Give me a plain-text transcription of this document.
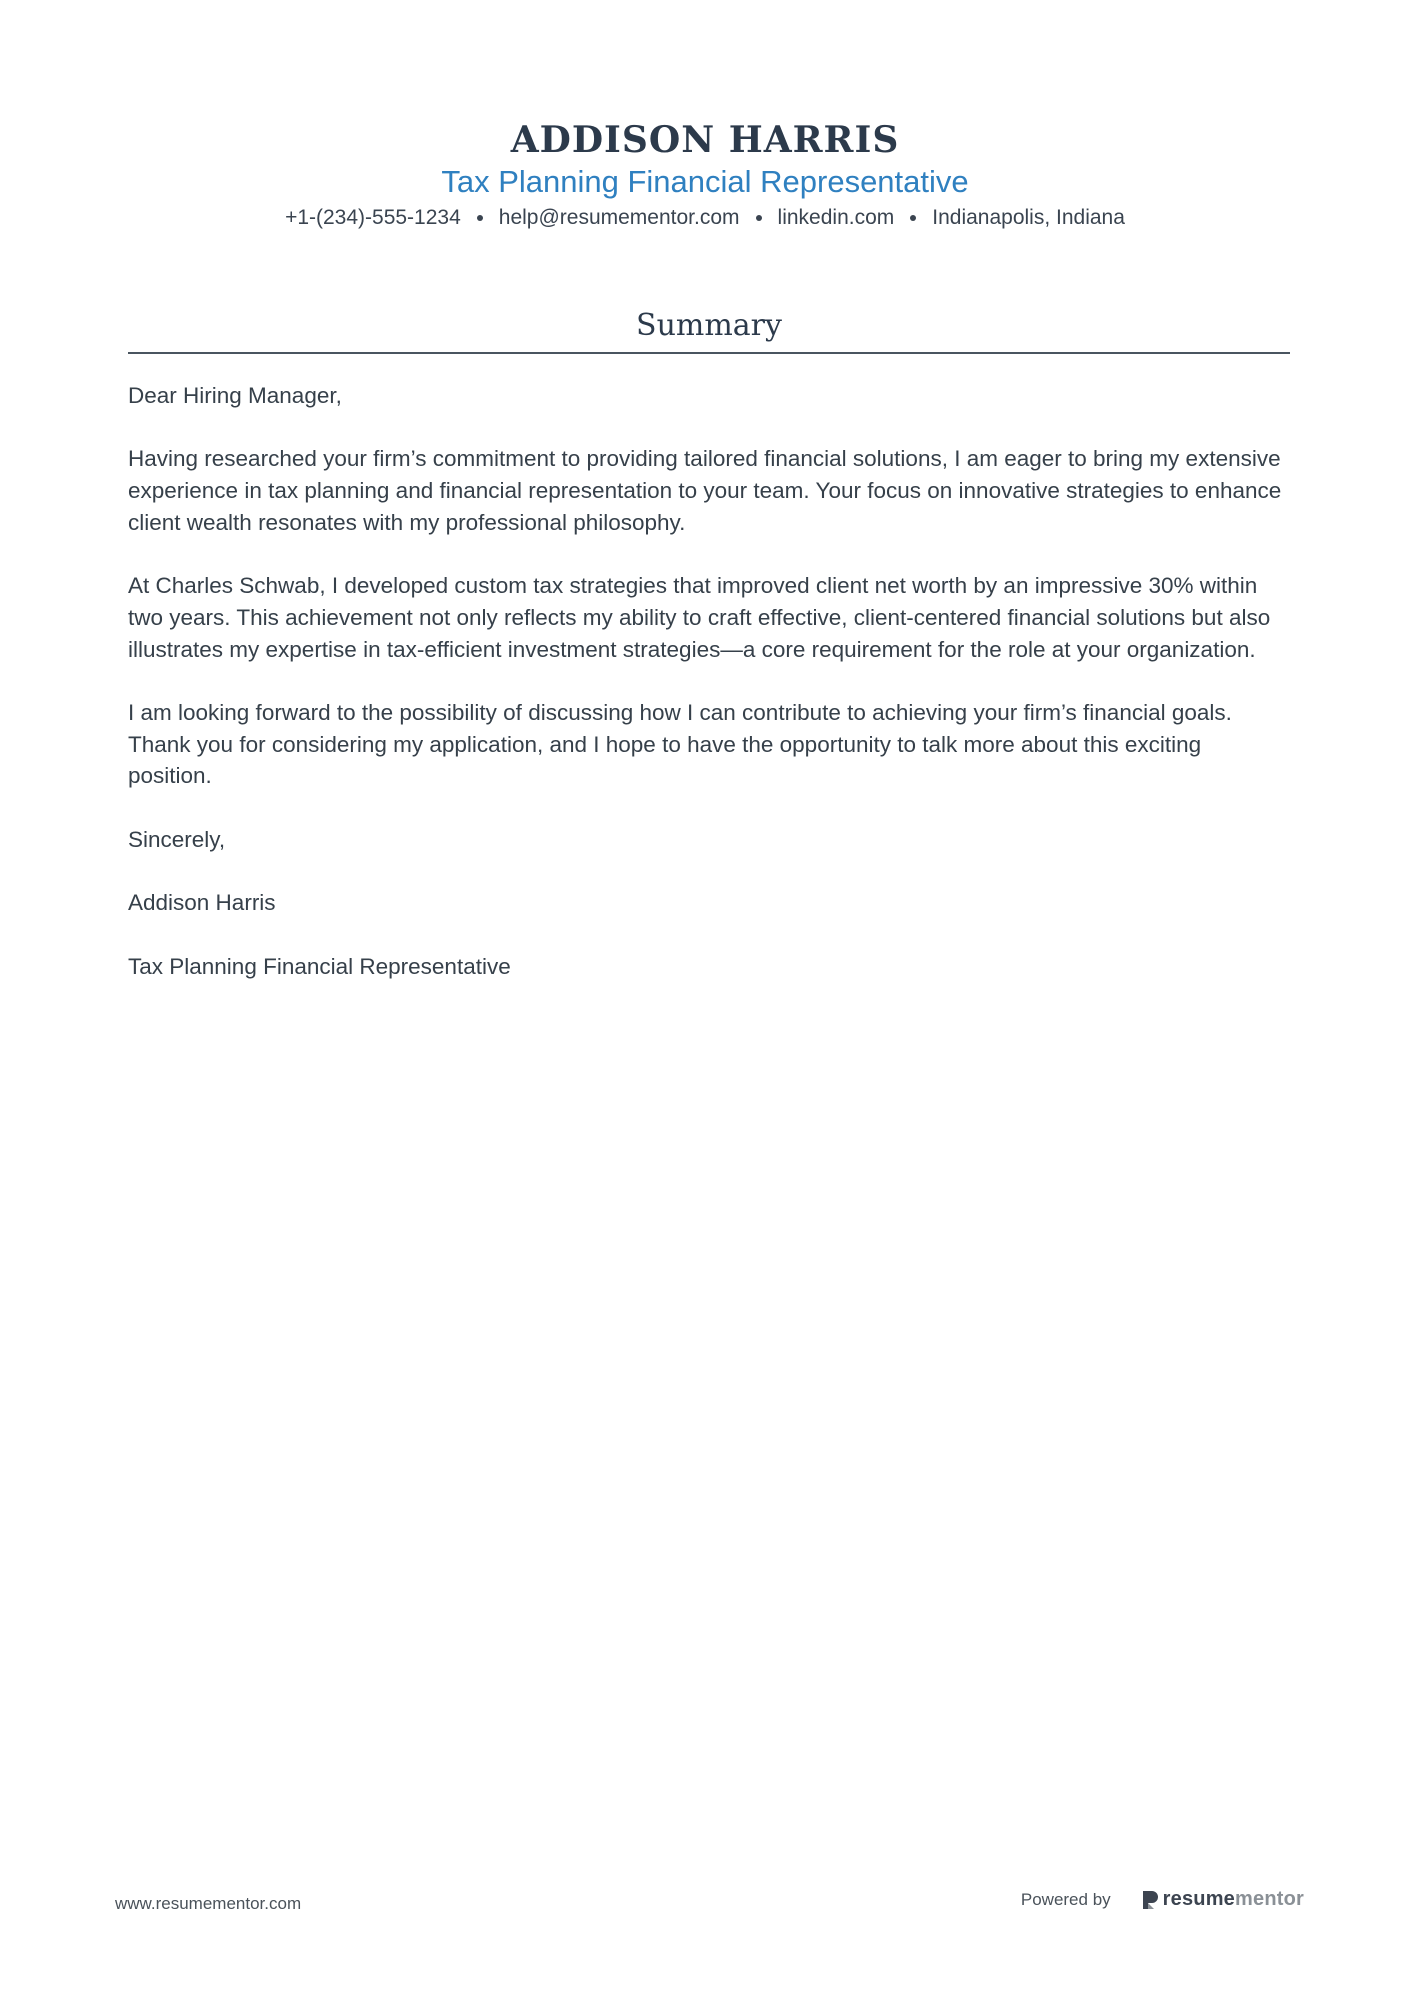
ADDISON HARRIS
Tax Planning Financial Representative
+1-(234)-555-1234 help@resumementor.com linkedin.com Indianapolis, Indiana
Summary

Dear Hiring Manager,

Having researched your firm’s commitment to providing tailored financial solutions, I am eager to bring my extensive experience in tax planning and financial representation to your team. Your focus on innovative strategies to enhance client wealth resonates with my professional philosophy.

At Charles Schwab, I developed custom tax strategies that improved client net worth by an impressive 30% within two years. This achievement not only reflects my ability to craft effective, client-centered financial solutions but also illustrates my expertise in tax-efficient investment strategies—a core requirement for the role at your organization.

I am looking forward to the possibility of discussing how I can contribute to achieving your firm’s financial goals. Thank you for considering my application, and I hope to have the opportunity to talk more about this exciting position.

Sincerely,

Addison Harris

Tax Planning Financial Representative

www.resumementor.com	Powered by	resume mentor
